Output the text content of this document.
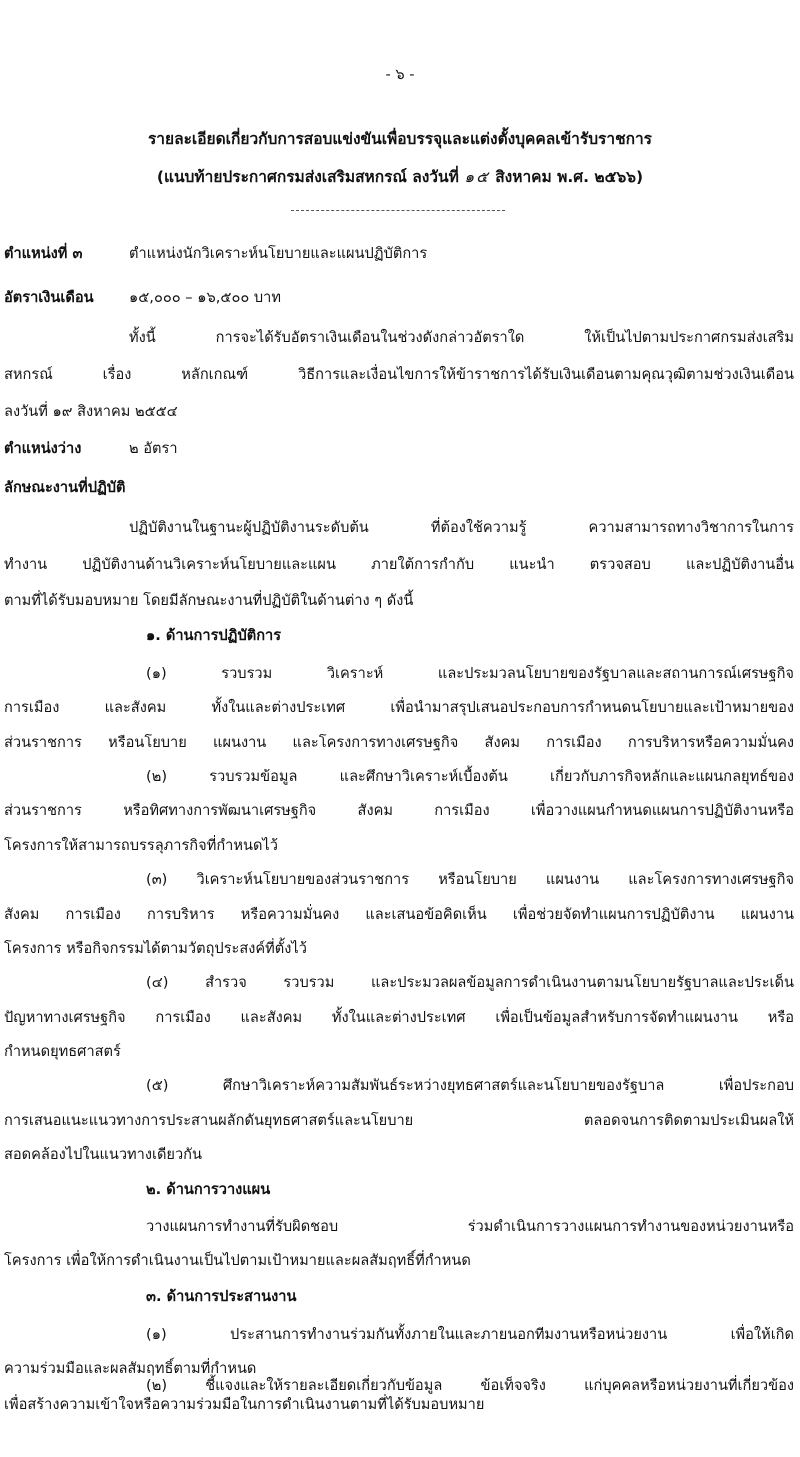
- ๖ -
รายละเอียดเกี่ยวกับการสอบแข่งขันเพื่อบรรจุและแต่งตั้งบุคคลเข้ารับราชการ
(แนบท้ายประกาศกรมส่งเสริมสหกรณ์ ลงวันที่ ๑๕ สิงหาคม พ.ศ. ๒๕๖๖)
ตำแหน่งที่ ๓	ตำแหน่งนักวิเคราะห์นโยบายและแผนปฏิบัติการ
อัตราเงินเดือน ๑๕,๐๐๐ – ๑๖,๕๐๐ บาท
ทั้งนี้ การจะได้รับอัตราเงินเดือนในช่วงดังกล่าวอัตราใด ให้เป็นไปตามประกาศกรมส่งเสริม
สหกรณ์ เรื่อง หลักเกณฑ์ วิธีการและเงื่อนไขการให้ข้าราชการได้รับเงินเดือนตามคุณวุฒิตามช่วงเงินเดือน
ลงวันที่ ๑๙ สิงหาคม ๒๕๕๔
ตำแหน่งว่าง	๒ อัตรา
ลักษณะงานที่ปฏิบัติ
ปฏิบัติงานในฐานะผู้ปฏิบัติงานระดับต้น ที่ต้องใช้ความรู้ ความสามารถทางวิชาการในการ
ทำงาน ปฏิบัติงานด้านวิเคราะห์นโยบายและแผน ภายใต้การกำกับ แนะนำ ตรวจสอบ และปฏิบัติงานอื่น
ตามที่ได้รับมอบหมาย โดยมีลักษณะงานที่ปฏิบัติในด้านต่าง ๆ ดังนี้
๑. ด้านการปฏิบัติการ
(๑) รวบรวม วิเคราะห์ และประมวลนโยบายของรัฐบาลและสถานการณ์เศรษฐกิจ
การเมือง และสังคม ทั้งในและต่างประเทศ เพื่อนำมาสรุปเสนอประกอบการกำหนดนโยบายและเป้าหมายของ
ส่วนราชการ หรือนโยบาย แผนงาน และโครงการทางเศรษฐกิจ สังคม การเมือง การบริหารหรือความมั่นคง
(๒) รวบรวมข้อมูล และศึกษาวิเคราะห์เบื้องต้น เกี่ยวกับภารกิจหลักและแผนกลยุทธ์ของ
ส่วนราชการ หรือทิศทางการพัฒนาเศรษฐกิจ สังคม การเมือง เพื่อวางแผนกำหนดแผนการปฏิบัติงานหรือ
โครงการให้สามารถบรรลุภารกิจที่กำหนดไว้
(๓) วิเคราะห์นโยบายของส่วนราชการ หรือนโยบาย แผนงาน และโครงการทางเศรษฐกิจ
สังคม การเมือง การบริหาร หรือความมั่นคง และเสนอข้อคิดเห็น เพื่อช่วยจัดทำแผนการปฏิบัติงาน แผนงาน
โครงการ หรือกิจกรรมได้ตามวัตถุประสงค์ที่ตั้งไว้
(๔) สำรวจ รวบรวม และประมวลผลข้อมูลการดำเนินงานตามนโยบายรัฐบาลและประเด็น
ปัญหาทางเศรษฐกิจ การเมือง และสังคม ทั้งในและต่างประเทศ เพื่อเป็นข้อมูลสำหรับการจัดทำแผนงาน หรือ
กำหนดยุทธศาสตร์
(๕) ศึกษาวิเคราะห์ความสัมพันธ์ระหว่างยุทธศาสตร์และนโยบายของรัฐบาล เพื่อประกอบ
การเสนอแนะแนวทางการประสานผลักดันยุทธศาสตร์และนโยบาย ตลอดจนการติดตามประเมินผลให้
สอดคล้องไปในแนวทางเดียวกัน
๒. ด้านการวางแผน
วางแผนการทำงานที่รับผิดชอบ ร่วมดำเนินการวางแผนการทำงานของหน่วยงานหรือ
โครงการ เพื่อให้การดำเนินงานเป็นไปตามเป้าหมายและผลสัมฤทธิ์ที่กำหนด
๓. ด้านการประสานงาน
(๑) ประสานการทำงานร่วมกันทั้งภายในและภายนอกทีมงานหรือหน่วยงาน เพื่อให้เกิด
ความร่วมมือและผลสัมฤทธิ์ตามที่กำหนด
(๒) ชี้แจงและให้รายละเอียดเกี่ยวกับข้อมูล ข้อเท็จจริง แก่บุคคลหรือหน่วยงานที่เกี่ยวข้อง
เพื่อสร้างความเข้าใจหรือความร่วมมือในการดำเนินงานตามที่ได้รับมอบหมาย
